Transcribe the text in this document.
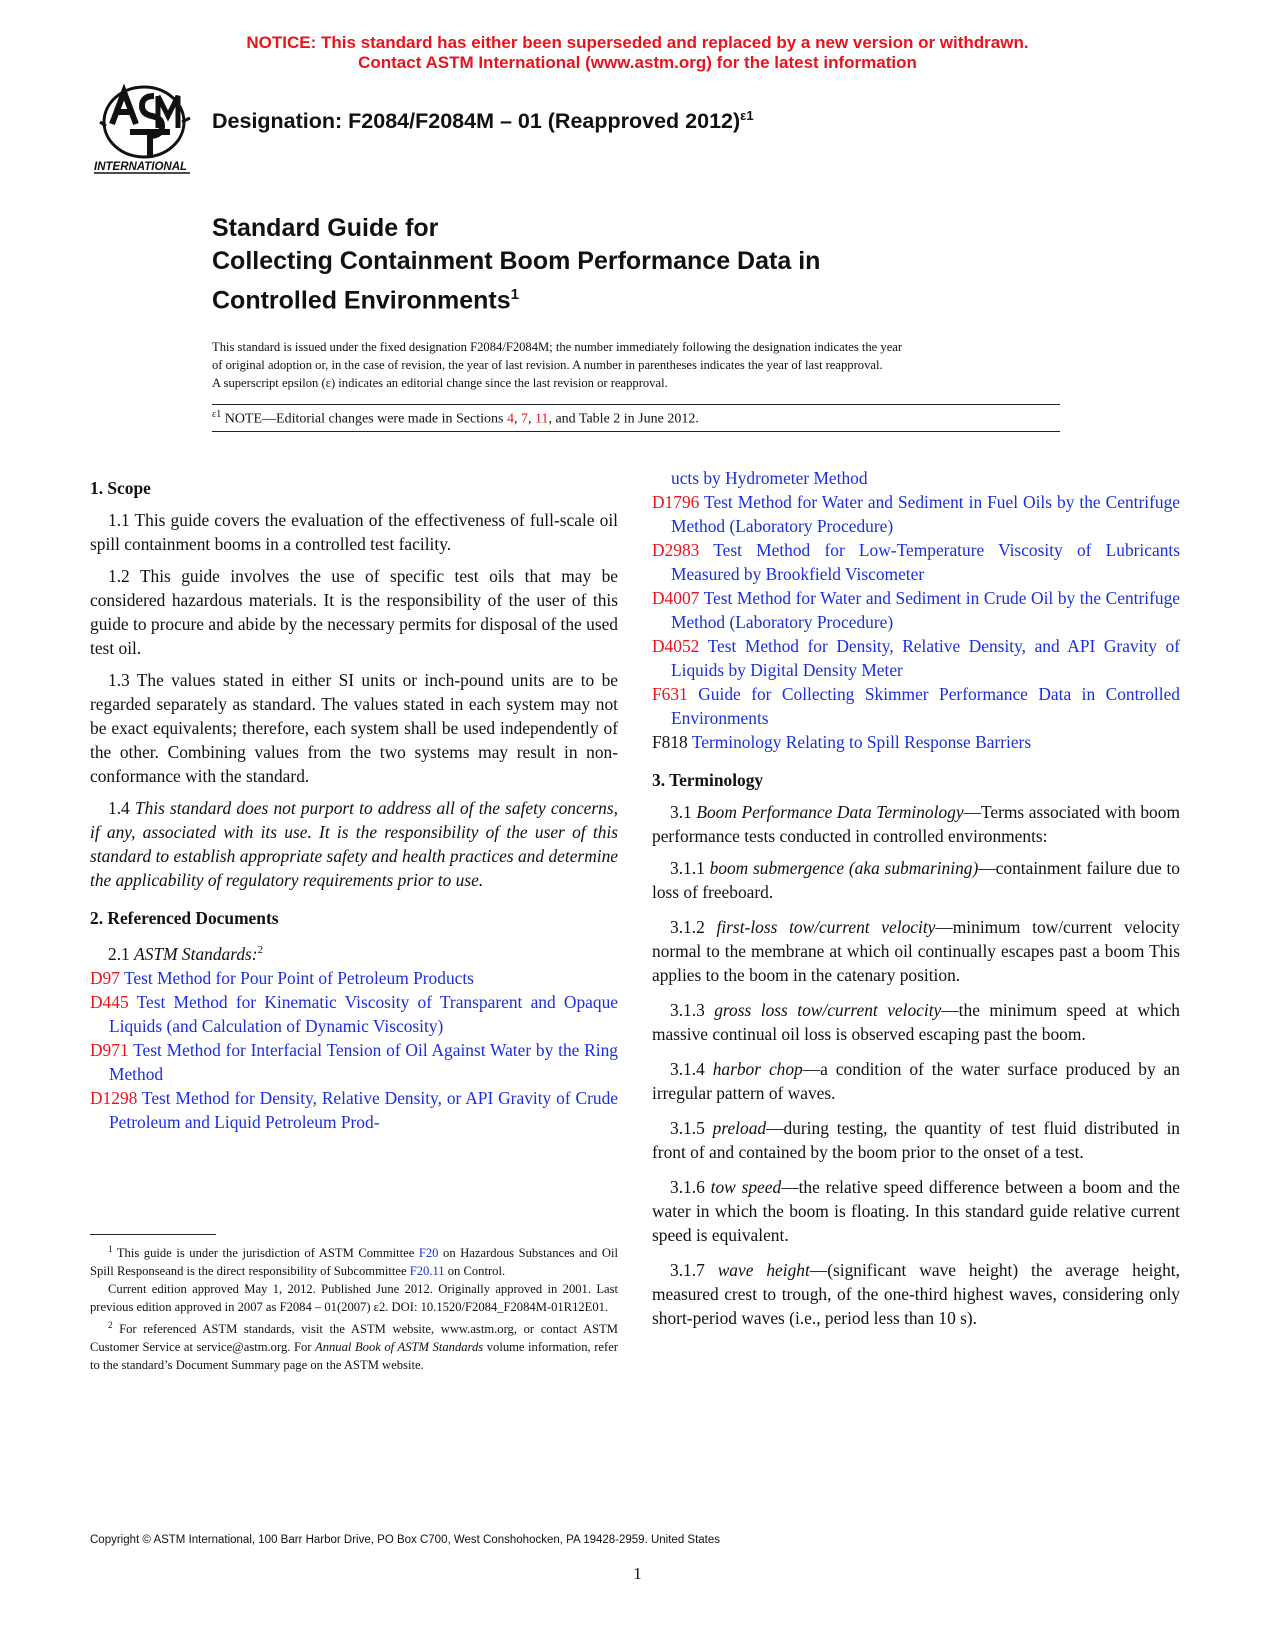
NOTICE: This standard has either been superseded and replaced by a new version or withdrawn.
Contact ASTM International (www.astm.org) for the latest information
INTERNATIONAL
Designation: F2084/F2084M – 01 (Reapproved 2012)$^{\varepsilon 1}$
Standard Guide for
Collecting Containment Boom Performance Data in
Controlled Environments$^1$
This standard is issued under the fixed designation F2084/F2084M; the number immediately following the designation indicates the year
of original adoption or, in the case of revision, the year of last revision. A number in parentheses indicates the year of last reapproval.
A superscript epsilon (ε) indicates an editorial change since the last revision or reapproval.
$^{\varepsilon 1}$ NOTE—Editorial changes were made in Sections 4, 7, 11, and Table 2 in June 2012.
1. Scope

1.1 This guide covers the evaluation of the effectiveness of full-scale oil spill containment booms in a controlled test facility.

1.2 This guide involves the use of specific test oils that may be considered hazardous materials. It is the responsibility of the user of this guide to procure and abide by the necessary permits for disposal of the used test oil.

1.3 The values stated in either SI units or inch-pound units are to be regarded separately as standard. The values stated in each system may not be exact equivalents; therefore, each system shall be used independently of the other. Combining values from the two systems may result in non-conformance with the standard.

1.4 This standard does not purport to address all of the safety concerns, if any, associated with its use. It is the responsibility of the user of this standard to establish appropriate safety and health practices and determine the applicability of regulatory requirements prior to use.

2. Referenced Documents

2.1 ASTM Standards:$^2$

D97 Test Method for Pour Point of Petroleum Products

D445 Test Method for Kinematic Viscosity of Transparent and Opaque Liquids (and Calculation of Dynamic Viscosity)

D971 Test Method for Interfacial Tension of Oil Against Water by the Ring Method

D1298 Test Method for Density, Relative Density, or API Gravity of Crude Petroleum and Liquid Petroleum Prod-

$^1$ This guide is under the jurisdiction of ASTM Committee F20 on Hazardous Substances and Oil Spill Responseand is the direct responsibility of Subcommittee F20.11 on Control.

Current edition approved May 1, 2012. Published June 2012. Originally approved in 2001. Last previous edition approved in 2007 as F2084 – 01(2007) ε2. DOI: 10.1520/F2084_F2084M-01R12E01.

$^2$ For referenced ASTM standards, visit the ASTM website, www.astm.org, or contact ASTM Customer Service at service@astm.org. For Annual Book of ASTM Standards volume information, refer to the standard’s Document Summary page on the ASTM website.

ucts by Hydrometer Method

D1796 Test Method for Water and Sediment in Fuel Oils by the Centrifuge Method (Laboratory Procedure)

D2983 Test Method for Low-Temperature Viscosity of Lubricants Measured by Brookfield Viscometer

D4007 Test Method for Water and Sediment in Crude Oil by the Centrifuge Method (Laboratory Procedure)

D4052 Test Method for Density, Relative Density, and API Gravity of Liquids by Digital Density Meter

F631 Guide for Collecting Skimmer Performance Data in Controlled Environments

F818 Terminology Relating to Spill Response Barriers

3. Terminology

3.1 Boom Performance Data Terminology—Terms associated with boom performance tests conducted in controlled environments:

3.1.1 boom submergence (aka submarining)—containment failure due to loss of freeboard.

3.1.2 first-loss tow/current velocity—minimum tow/current velocity normal to the membrane at which oil continually escapes past a boom This applies to the boom in the catenary position.

3.1.3 gross loss tow/current velocity—the minimum speed at which massive continual oil loss is observed escaping past the boom.

3.1.4 harbor chop—a condition of the water surface produced by an irregular pattern of waves.

3.1.5 preload—during testing, the quantity of test fluid distributed in front of and contained by the boom prior to the onset of a test.

3.1.6 tow speed—the relative speed difference between a boom and the water in which the boom is floating. In this standard guide relative current speed is equivalent.

3.1.7 wave height—(significant wave height) the average height, measured crest to trough, of the one-third highest waves, considering only short-period waves (i.e., period less than 10 s).

Copyright © ASTM International, 100 Barr Harbor Drive, PO Box C700, West Conshohocken, PA 19428-2959. United States
1
